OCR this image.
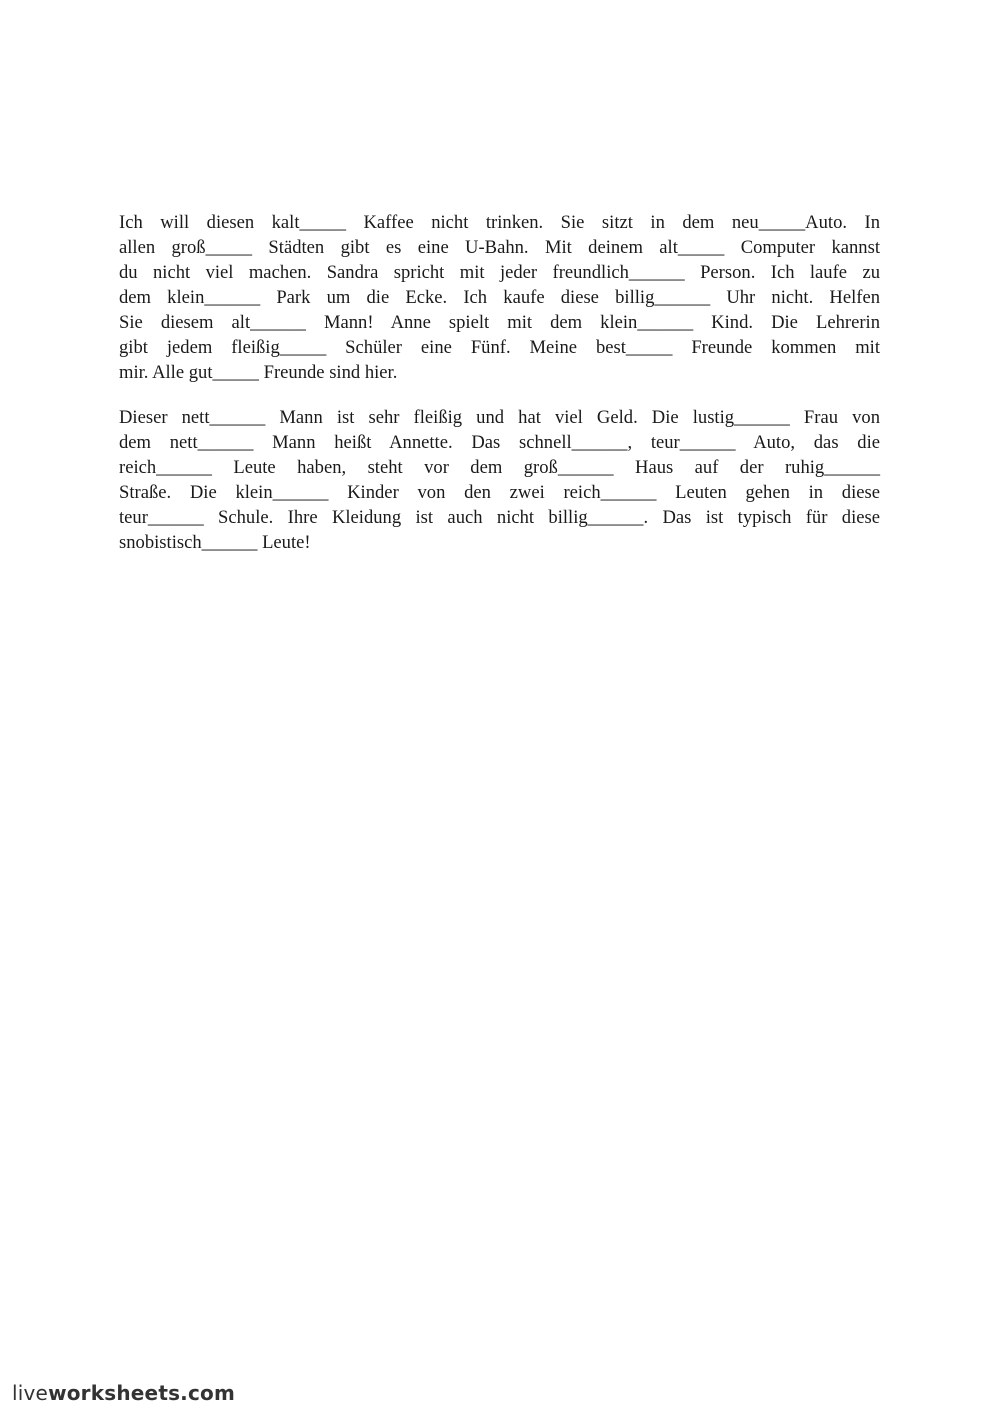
Ich will diesen kalt_____ Kaffee nicht trinken. Sie sitzt in dem neu_____Auto. In
allen groß_____ Städten gibt es eine U-Bahn. Mit deinem alt_____ Computer kannst
du nicht viel machen. Sandra spricht mit jeder freundlich______ Person. Ich laufe zu
dem klein______ Park um die Ecke. Ich kaufe diese billig______ Uhr nicht. Helfen
Sie diesem alt______ Mann! Anne spielt mit dem klein______ Kind. Die Lehrerin
gibt jedem fleißig_____ Schüler eine Fünf. Meine best_____ Freunde kommen mit
mir. Alle gut_____ Freunde sind hier.

Dieser nett______ Mann ist sehr fleißig und hat viel Geld. Die lustig______ Frau von
dem nett______ Mann heißt Annette. Das schnell______, teur______ Auto, das die
reich______ Leute haben, steht vor dem groß______ Haus auf der ruhig______
Straße. Die klein______ Kinder von den zwei reich______ Leuten gehen in diese
teur______ Schule. Ihre Kleidung ist auch nicht billig______. Das ist typisch für diese
snobistisch______ Leute!

liveworksheets.com
